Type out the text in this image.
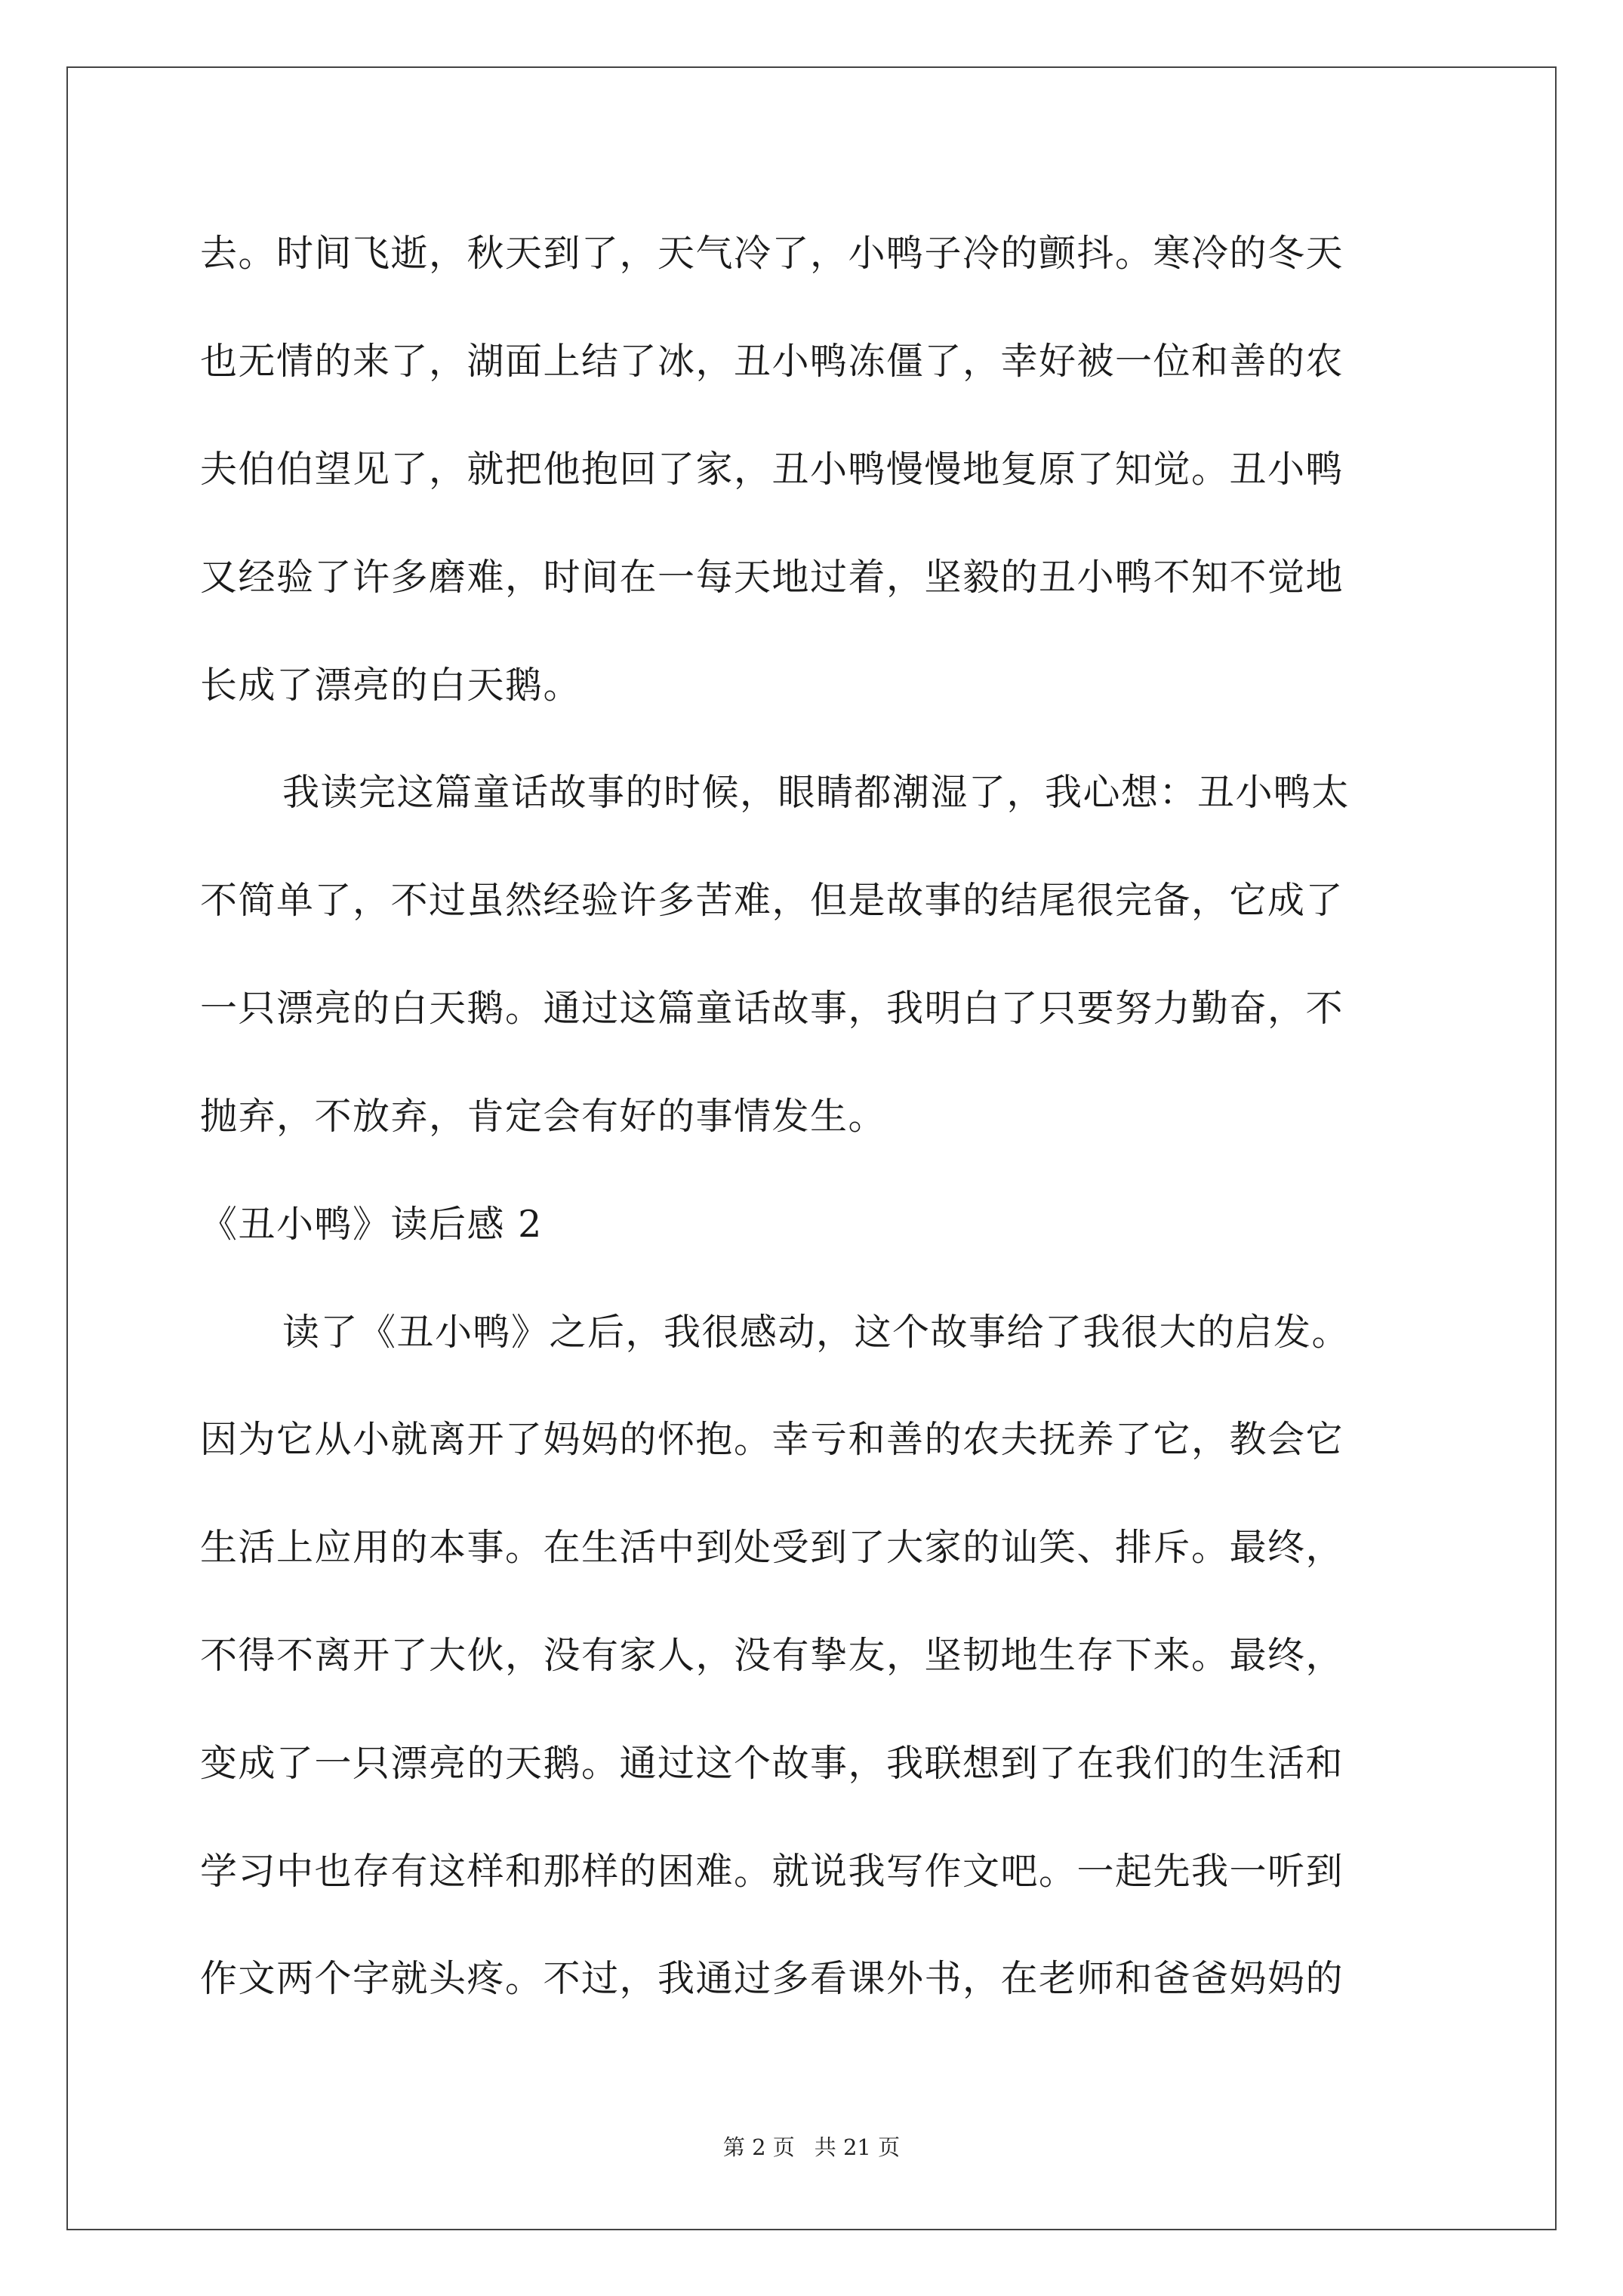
去。时间飞逝，秋天到了，天气冷了，小鸭子冷的颤抖。寒冷的冬天
也无情的来了，湖面上结了冰，丑小鸭冻僵了，幸好被一位和善的农
夫伯伯望见了，就把他抱回了家，丑小鸭慢慢地复原了知觉。丑小鸭
又经验了许多磨难，时间在一每天地过着，坚毅的丑小鸭不知不觉地
长成了漂亮的白天鹅。
我读完这篇童话故事的时候，眼睛都潮湿了，我心想：丑小鸭太
不简单了，不过虽然经验许多苦难，但是故事的结尾很完备，它成了
一只漂亮的白天鹅。通过这篇童话故事，我明白了只要努力勤奋，不
抛弃，不放弃，肯定会有好的事情发生。
《丑小鸭》读后感 2
读了《丑小鸭》之后，我很感动，这个故事给了我很大的启发。
因为它从小就离开了妈妈的怀抱。幸亏和善的农夫抚养了它，教会它
生活上应用的本事。在生活中到处受到了大家的讪笑、排斥。最终，
不得不离开了大伙，没有家人，没有挚友，坚韧地生存下来。最终，
变成了一只漂亮的天鹅。通过这个故事，我联想到了在我们的生活和
学习中也存有这样和那样的困难。就说我写作文吧。一起先我一听到
作文两个字就头疼。不过，我通过多看课外书，在老师和爸爸妈妈的
第 2 页 共 21 页
